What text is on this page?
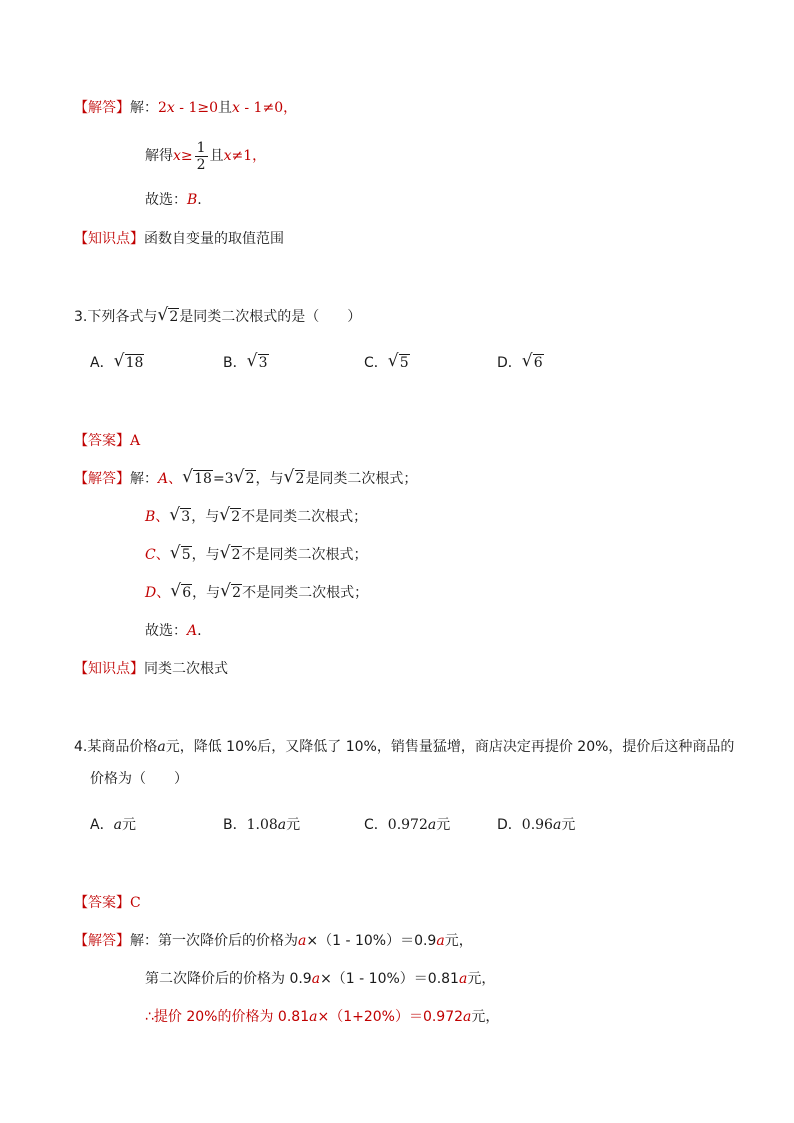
【解答】解：2x - 1≥0且x - 1≠0，
解得$x\ge \frac{1}{2}$ 且x≠1，
故选：B.
【知识点】函数自变量的取值范围
3.下列各式与 √ 2是同类二次根式的是（　　）
A． √ 18	B． √ 3	C． √ 5	D． √ 6
【答案】A
【解答】解：A、 √ 18=3 √ 2，与 √ 2是同类二次根式；
B、 √ 3，与 √ 2不是同类二次根式；
C、 √ 5，与 √ 2不是同类二次根式；
D、 √ 6，与 √ 2不是同类二次根式；
故选：A.
【知识点】同类二次根式
4.某商品价格a元，降低 10%后，又降低了 10%，销售量猛增，商店决定再提价 20%，提价后这种商品的
价格为（　　）
A．a元	B．1.08a元	C．0.972a元	D．0.96a元
【答案】C
【解答】解：第一次降价后的价格为a×（1 - 10%）＝0.9a元，
第二次降价后的价格为 0.9a×（1 - 10%）＝0.81a元，
∴提价 20%的价格为 0.81a×（1+20%）＝0.972a元，
